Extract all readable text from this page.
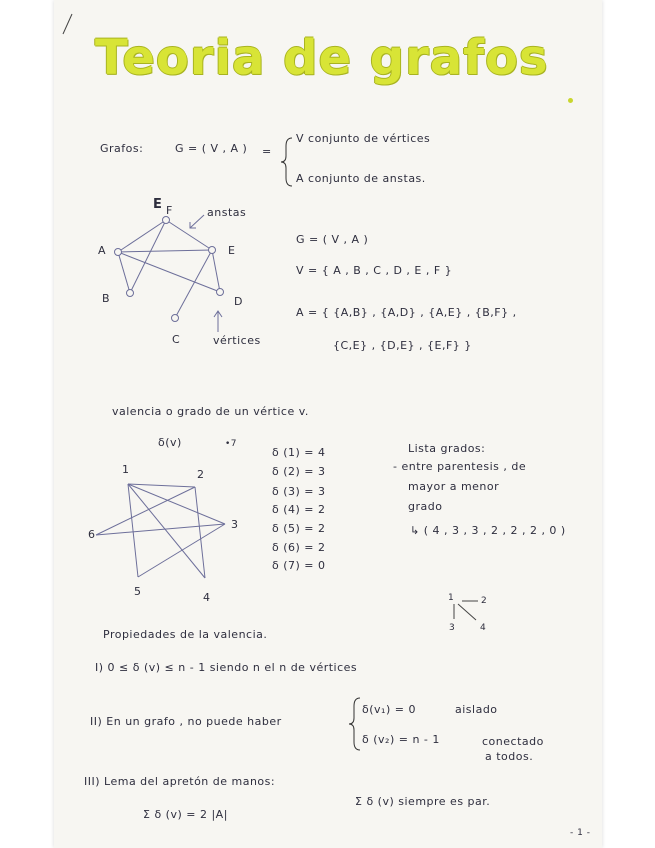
Teoria de grafos
Grafos:	G = ( V , A ) =
V conjunto de vértices
A conjunto de anstas.
E F	anstas
A	E
B	D
C	vértices
G = ( V , A )
V = { A , B , C , D , E , F }
A = { {A,B} , {A,D} , {A,E} , {B,F} ,
{C,E} , {D,E} , {E,F} }
valencia o grado de un vértice v.
δ(v)	•7
1	2
3
4
5
6
δ (1) = 4
δ (2) = 3
δ (3) = 3
δ (4) = 2
δ (5) = 2
δ (6) = 2
δ (7) = 0
Lista grados:
- entre parentesis , de
mayor a menor
grado
↳ ( 4 , 3 , 3 , 2 , 2 , 2 , 0 )
1	2
3	4
Propiedades de la valencia.
I) 0 ≤ δ (v) ≤ n - 1 siendo n el n de vértices
II) En un grafo , no puede haber
δ(v₁) = 0	aislado
δ (v₂) = n - 1	conectado
a todos.
III) Lema del apretón de manos:
Σ δ (v) = 2 |A|
Σ δ (v) siempre es par.
- 1 -
